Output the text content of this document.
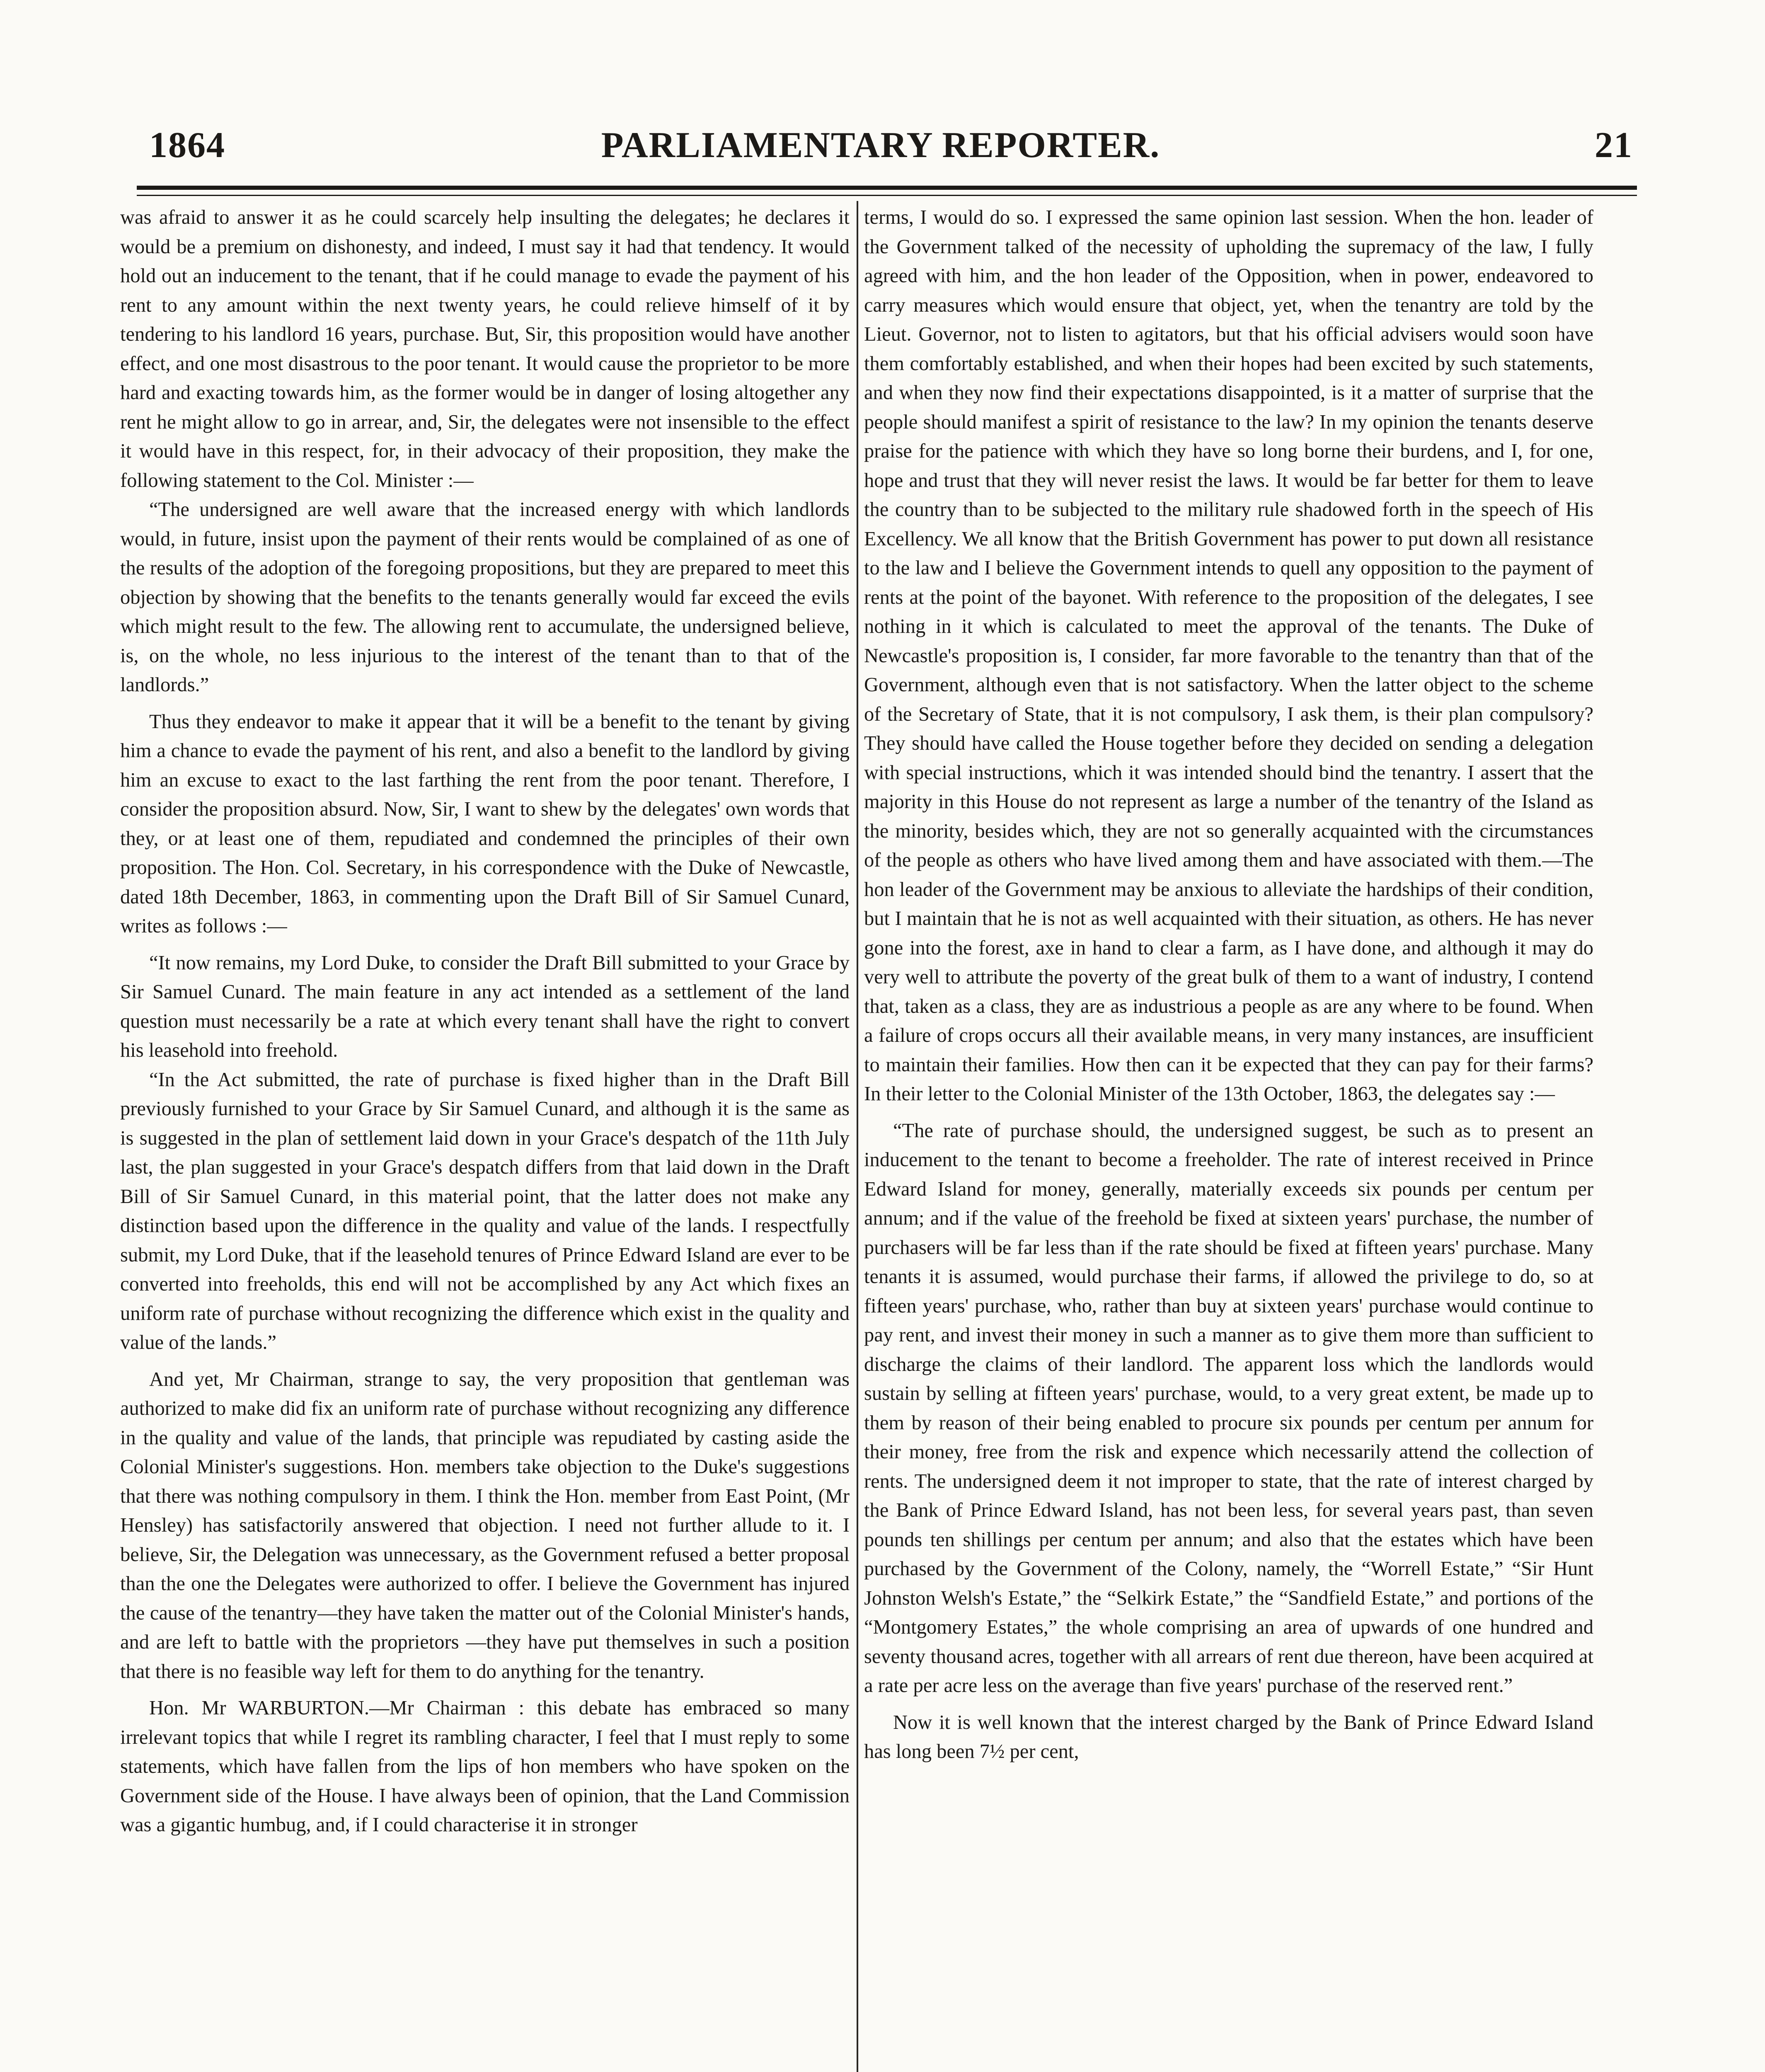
1864	PARLIAMENTARY REPORTER.	21

was afraid to answer it as he could scarcely help insulting the delegates; he declares it would be a premium on dishonesty, and indeed, I must say it had that tendency. It would hold out an inducement to the tenant, that if he could manage to evade the payment of his rent to any amount within the next twenty years, he could relieve himself of it by tendering to his landlord 16 years, purchase. But, Sir, this proposition would have another effect, and one most disastrous to the poor tenant. It would cause the proprietor to be more hard and exacting towards him, as the former would be in danger of losing altogether any rent he might allow to go in arrear, and, Sir, the delegates were not insensible to the effect it would have in this respect, for, in their advocacy of their proposition, they make the following statement to the Col. Minister :—

“The undersigned are well aware that the increased energy with which landlords would, in future, insist upon the payment of their rents would be complained of as one of the results of the adoption of the foregoing propositions, but they are prepared to meet this objection by showing that the benefits to the tenants generally would far exceed the evils which might result to the few. The allowing rent to accumulate, the undersigned believe, is, on the whole, no less injurious to the interest of the tenant than to that of the landlords.”

Thus they endeavor to make it appear that it will be a benefit to the tenant by giving him a chance to evade the payment of his rent, and also a benefit to the landlord by giving him an excuse to exact to the last farthing the rent from the poor tenant. Therefore, I consider the proposition absurd. Now, Sir, I want to shew by the delegates' own words that they, or at least one of them, repudiated and condemned the principles of their own proposition. The Hon. Col. Secretary, in his correspondence with the Duke of Newcastle, dated 18th December, 1863, in commenting upon the Draft Bill of Sir Samuel Cunard, writes as follows :—

“It now remains, my Lord Duke, to consider the Draft Bill submitted to your Grace by Sir Samuel Cunard. The main feature in any act intended as a settlement of the land question must necessarily be a rate at which every tenant shall have the right to convert his leasehold into freehold.

“In the Act submitted, the rate of purchase is fixed higher than in the Draft Bill previously furnished to your Grace by Sir Samuel Cunard, and although it is the same as is suggested in the plan of settlement laid down in your Grace's despatch of the 11th July last, the plan suggested in your Grace's despatch differs from that laid down in the Draft Bill of Sir Samuel Cunard, in this material point, that the latter does not make any distinction based upon the difference in the quality and value of the lands. I respectfully submit, my Lord Duke, that if the leasehold tenures of Prince Edward Island are ever to be converted into freeholds, this end will not be accomplished by any Act which fixes an uniform rate of purchase without recognizing the difference which exist in the quality and value of the lands.”

And yet, Mr Chairman, strange to say, the very proposition that gentleman was authorized to make did fix an uniform rate of purchase without recognizing any difference in the quality and value of the lands, that principle was repudiated by casting aside the Colonial Minister's suggestions. Hon. members take objection to the Duke's suggestions that there was nothing compulsory in them. I think the Hon. member from East Point, (Mr Hensley) has satisfactorily answered that objection. I need not further allude to it. I believe, Sir, the Delegation was unnecessary, as the Government refused a better proposal than the one the Delegates were authorized to offer. I believe the Government has injured the cause of the tenantry—they have taken the matter out of the Colonial Minister's hands, and are left to battle with the proprietors —they have put themselves in such a position that there is no feasible way left for them to do anything for the tenantry.

Hon. Mr WARBURTON.—Mr Chairman : this debate has embraced so many irrelevant topics that while I regret its rambling character, I feel that I must reply to some statements, which have fallen from the lips of hon members who have spoken on the Government side of the House. I have always been of opinion, that the Land Commission was a gigantic humbug, and, if I could characterise it in stronger

terms, I would do so. I expressed the same opinion last session. When the hon. leader of the Government talked of the necessity of upholding the supremacy of the law, I fully agreed with him, and the hon leader of the Opposition, when in power, endeavored to carry measures which would ensure that object, yet, when the tenantry are told by the Lieut. Governor, not to listen to agitators, but that his official advisers would soon have them comfortably established, and when their hopes had been excited by such statements, and when they now find their expectations disappointed, is it a matter of surprise that the people should manifest a spirit of resistance to the law? In my opinion the tenants deserve praise for the patience with which they have so long borne their burdens, and I, for one, hope and trust that they will never resist the laws. It would be far better for them to leave the country than to be subjected to the military rule shadowed forth in the speech of His Excellency. We all know that the British Government has power to put down all resistance to the law and I believe the Government intends to quell any opposition to the payment of rents at the point of the bayonet. With reference to the proposition of the delegates, I see nothing in it which is calculated to meet the approval of the tenants. The Duke of Newcastle's proposition is, I consider, far more favorable to the tenantry than that of the Government, although even that is not satisfactory. When the latter object to the scheme of the Secretary of State, that it is not compulsory, I ask them, is their plan compulsory? They should have called the House together before they decided on sending a delegation with special instructions, which it was intended should bind the tenantry. I assert that the majority in this House do not represent as large a number of the tenantry of the Island as the minority, besides which, they are not so generally acquainted with the circumstances of the people as others who have lived among them and have associated with them.—The hon leader of the Government may be anxious to alleviate the hardships of their condition, but I maintain that he is not as well acquainted with their situation, as others. He has never gone into the forest, axe in hand to clear a farm, as I have done, and although it may do very well to attribute the poverty of the great bulk of them to a want of industry, I contend that, taken as a class, they are as industrious a people as are any where to be found. When a failure of crops occurs all their available means, in very many instances, are insufficient to maintain their families. How then can it be expected that they can pay for their farms? In their letter to the Colonial Minister of the 13th October, 1863, the delegates say :—

“The rate of purchase should, the undersigned suggest, be such as to present an inducement to the tenant to become a freeholder. The rate of interest received in Prince Edward Island for money, generally, materially exceeds six pounds per centum per annum; and if the value of the freehold be fixed at sixteen years' purchase, the number of purchasers will be far less than if the rate should be fixed at fifteen years' purchase. Many tenants it is assumed, would purchase their farms, if allowed the privilege to do, so at fifteen years' purchase, who, rather than buy at sixteen years' purchase would continue to pay rent, and invest their money in such a manner as to give them more than sufficient to discharge the claims of their landlord. The apparent loss which the landlords would sustain by selling at fifteen years' purchase, would, to a very great extent, be made up to them by reason of their being enabled to procure six pounds per centum per annum for their money, free from the risk and expence which necessarily attend the collection of rents. The undersigned deem it not improper to state, that the rate of interest charged by the Bank of Prince Edward Island, has not been less, for several years past, than seven pounds ten shillings per centum per annum; and also that the estates which have been purchased by the Government of the Colony, namely, the “Worrell Estate,” “Sir Hunt Johnston Welsh's Estate,” the “Selkirk Estate,” the “Sandfield Estate,” and portions of the “Montgomery Estates,” the whole comprising an area of upwards of one hundred and seventy thousand acres, together with all arrears of rent due thereon, have been acquired at a rate per acre less on the average than five years' purchase of the reserved rent.”

Now it is well known that the interest charged by the Bank of Prince Edward Island has long been 7½ per cent,
